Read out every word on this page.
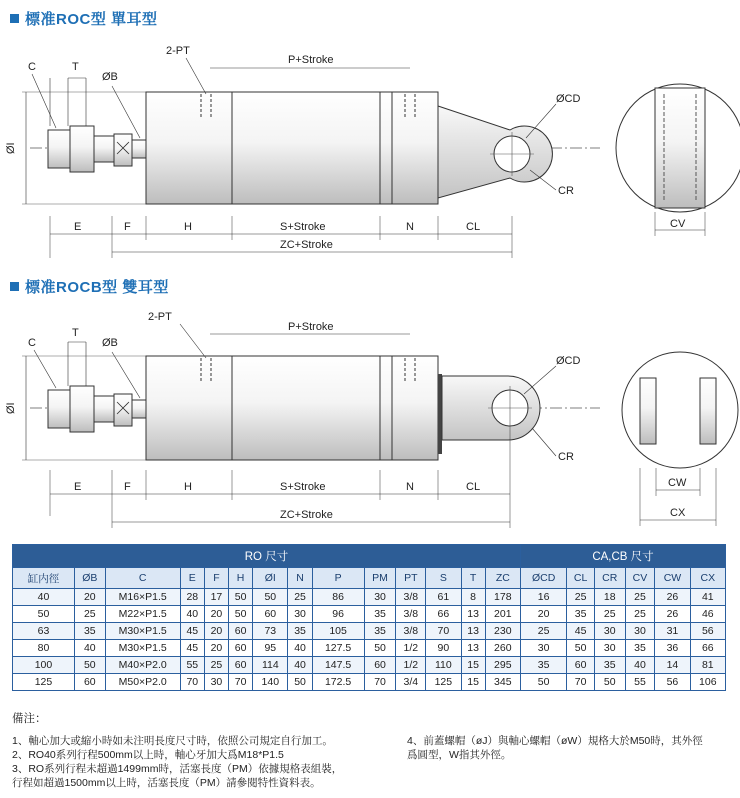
標准ROC型 單耳型
C	T
ØB
2-PT
P+Stroke
ØCD
CR
ØI
E	F	H	S+Stroke	N	CL
ZC+Stroke
CV
標准ROCB型 雙耳型
C
T
ØB
2-PT
P+Stroke
ØCD
CR
ØI
E	F	H	S+Stroke	N	CL
ZC+Stroke
CW
CX
RO 尺寸														CA,CB 尺寸					
缸内徑	ØB	C	E	F	H	ØI	N	P	PM	PT	S	T	ZC	ØCD	CL	CR	CV	CW	CX
40	20	M16×P1.5	28	17	50	50	25	86	30	3/8	61	8	178	16	25	18	25	26	41
50	25	M22×P1.5	40	20	50	60	30	96	35	3/8	66	13	201	20	35	25	25	26	46
63	35	M30×P1.5	45	20	60	73	35	105	35	3/8	70	13	230	25	45	30	30	31	56
80	40	M30×P1.5	45	20	60	95	40	127.5	50	1/2	90	13	260	30	50	30	35	36	66
100	50	M40×P2.0	55	25	60	114	40	147.5	60	1/2	110	15	295	35	60	35	40	14	81
125	60	M50×P2.0	70	30	70	140	50	172.5	70	3/4	125	15	345	50	70	50	55	56	106
備注：
1、軸心加大或縮小時如未注明長度尺寸時，依照公司規定自行加工。
2、RO40系列行程500mm以上時，軸心牙加大爲M18*P1.5
3、RO系列行程未超過1499mm時，活塞長度（PM）依據規格表組裝，
行程如超過1500mm以上時，活塞長度（PM）請參閱特性資料表。
4、前蓋螺帽（øJ）與軸心螺帽（øW）規格大於M50時，其外徑
爲圓型，W指其外徑。
